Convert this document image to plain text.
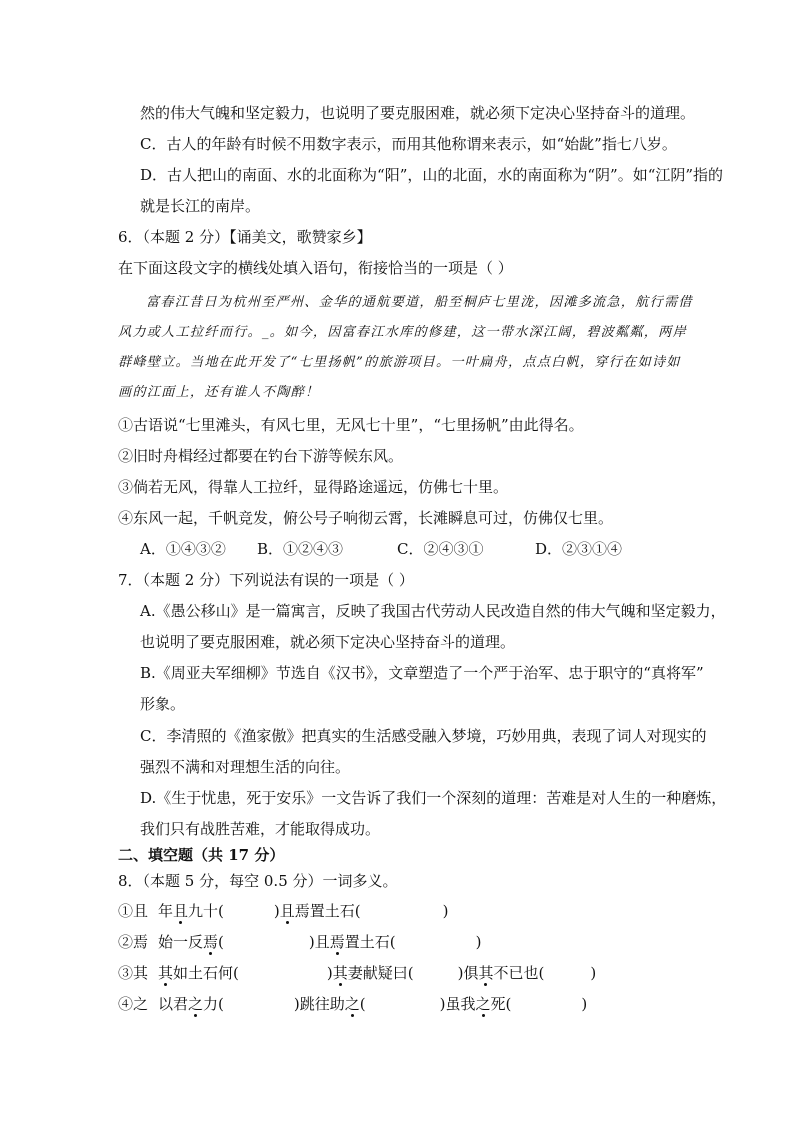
然的伟大气魄和坚定毅力，也说明了要克服困难，就必须下定决心坚持奋斗的道理。
C．古人的年龄有时候不用数字表示，而用其他称谓来表示，如“始龀”指七八岁。
D．古人把山的南面、水的北面称为“阳”，山的北面，水的南面称为“阴”。如“江阴”指的
就是长江的南岸。
6．（本题 2 分）【诵美文，歌赞家乡】
在下面这段文字的横线处填入语句，衔接恰当的一项是（ ）
富春江昔日为杭州至严州、金华的通航要道，船至桐庐七里泷，因滩多流急，航行需借
风力或人工拉纤而行。_。如今，因富春江水库的修建，这一带水深江阔，碧波粼粼，两岸
群峰壁立。当地在此开发了“七里扬帆”的旅游项目。一叶扁舟，点点白帆，穿行在如诗如
画的江面上，还有谁人不陶醉！
①古语说“七里滩头，有风七里，无风七十里”，“七里扬帆”由此得名。
②旧时舟楫经过都要在钓台下游等候东风。
③倘若无风，得靠人工拉纤，显得路途遥远，仿佛七十里。
④东风一起，千帆竞发，俯公号子响彻云霄，长滩瞬息可过，仿佛仅七里。
A．①④③② B．①②④③	C．②④③①	D．②③①④
7．（本题 2 分）下列说法有误的一项是（ ）
A.《愚公移山》是一篇寓言，反映了我国古代劳动人民改造自然的伟大气魄和坚定毅力，
也说明了要克服困难，就必须下定决心坚持奋斗的道理。
B.《周亚夫军细柳》节选自《汉书》，文章塑造了一个严于治军、忠于职守的“真将军”
形象。
C．李清照的《渔家傲》把真实的生活感受融入梦境，巧妙用典，表现了词人对现实的
强烈不满和对理想生活的向往。
D.《生于忧患，死于安乐》一文告诉了我们一个深刻的道理：苦难是对人生的一种磨炼，
我们只有战胜苦难，才能取得成功。
二、填空题（共 17 分）
8．（本题 5 分，每空 0.5 分）一词多义。
①且 年且九十(	)且焉置土石(	)
②焉 始一反焉(	)且焉置土石(	)
③其 其如土石何(	)其妻献疑曰(	)俱其不已也(	)
④之 以君之力(	)跳往助之(	)虽我之死(	)
